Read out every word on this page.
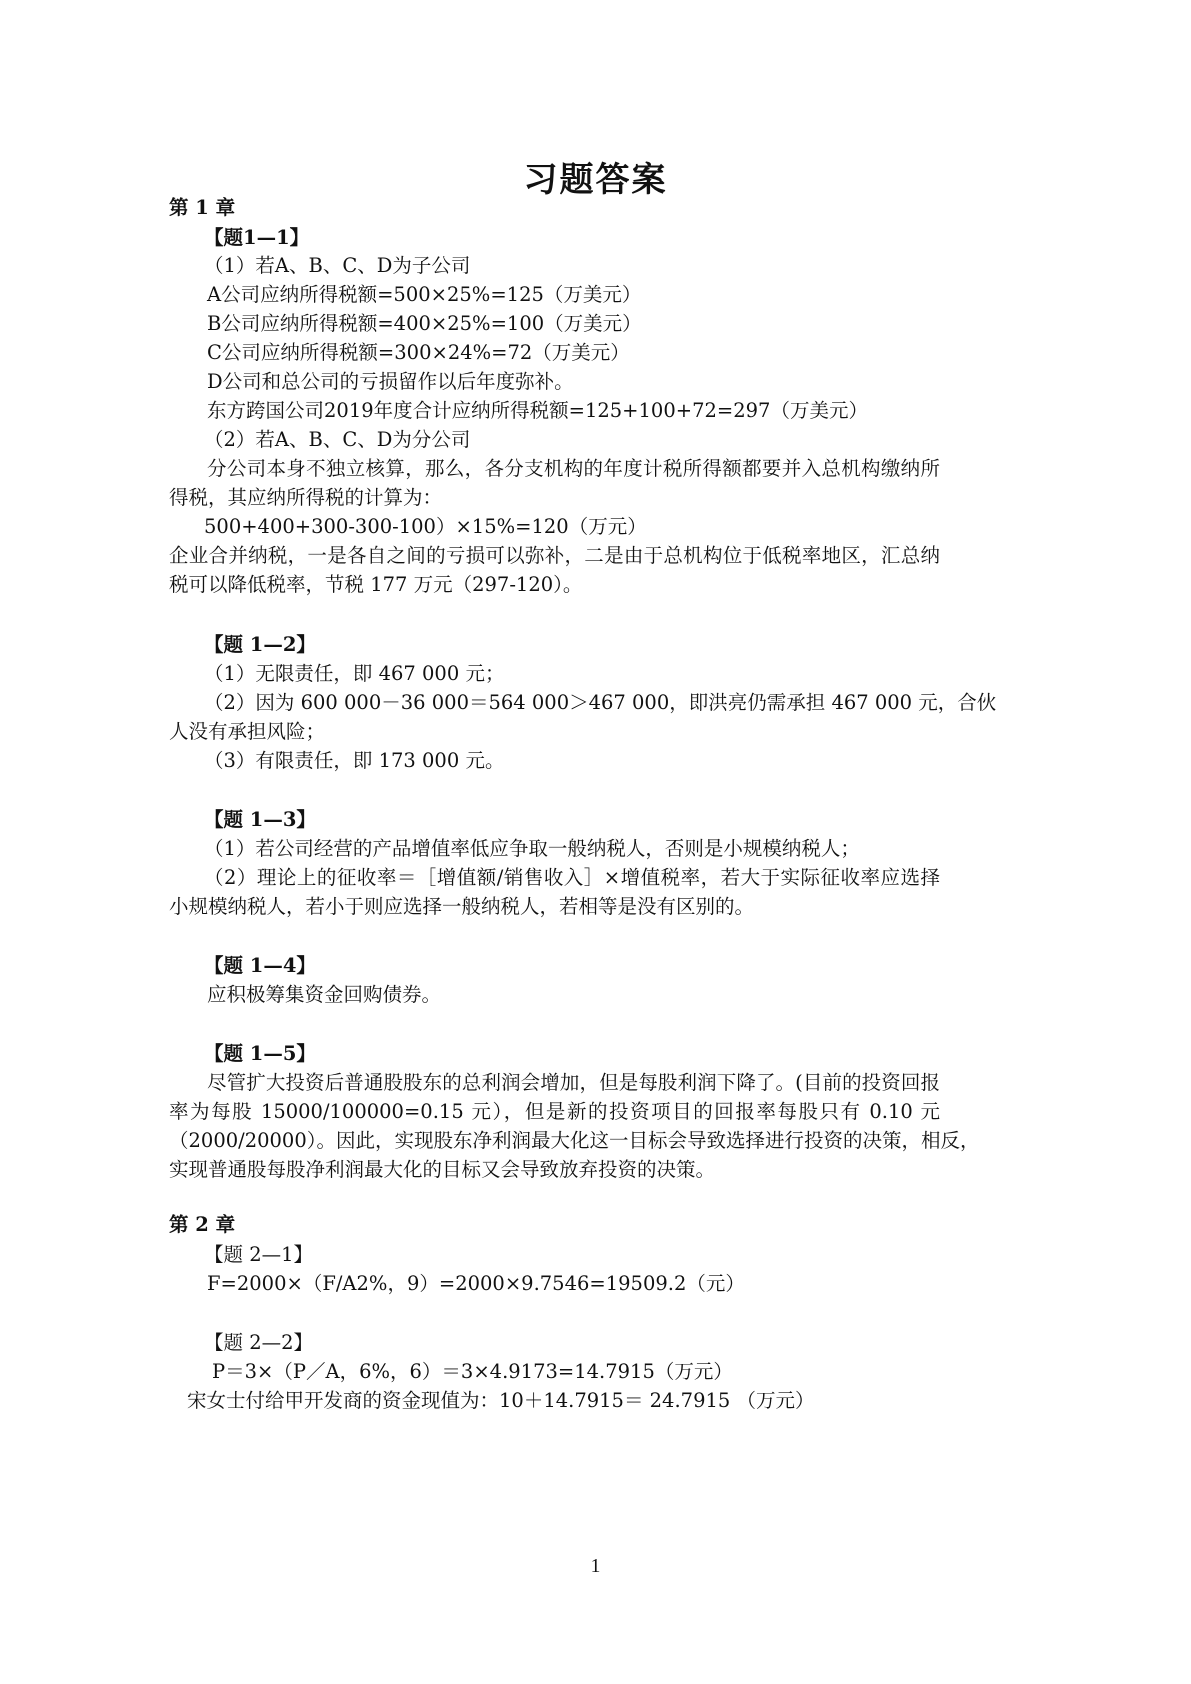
习题答案
第 1 章
【题1—1】
（1）若A、B、C、D为子公司
A公司应纳所得税额=500×25%=125（万美元）
B公司应纳所得税额=400×25%=100（万美元）
C公司应纳所得税额=300×24%=72（万美元）
D公司和总公司的亏损留作以后年度弥补。
东方跨国公司2019年度合计应纳所得税额=125+100+72=297（万美元）
（2）若A、B、C、D为分公司
分公司本身不独立核算，那么，各分支机构的年度计税所得额都要并入总机构缴纳所
得税，其应纳所得税的计算为：
500+400+300-300-100）×15%=120（万元）
企业合并纳税，一是各自之间的亏损可以弥补，二是由于总机构位于低税率地区，汇总纳
税可以降低税率，节税 177 万元（297-120）。
【题 1—2】
（1）无限责任，即 467 000 元；
（2）因为 600 000－36 000＝564 000＞467 000，即洪亮仍需承担 467 000 元，合伙
人没有承担风险；
（3）有限责任，即 173 000 元。
【题 1—3】
（1）若公司经营的产品增值率低应争取一般纳税人，否则是小规模纳税人；
（2）理论上的征收率＝［增值额/销售收入］×增值税率，若大于实际征收率应选择
小规模纳税人，若小于则应选择一般纳税人，若相等是没有区别的。
【题 1—4】
应积极筹集资金回购债券。
【题 1—5】
尽管扩大投资后普通股股东的总利润会增加，但是每股利润下降了。(目前的投资回报
率为每股 15000/100000=0.15 元），但是新的投资项目的回报率每股只有 0.10 元
（2000/20000）。因此，实现股东净利润最大化这一目标会导致选择进行投资的决策，相反，
实现普通股每股净利润最大化的目标又会导致放弃投资的决策。
第 2 章
【题 2—1】
F=2000×（F/A2%，9）=2000×9.7546=19509.2（元）
【题 2—2】
P＝3×（P／A，6%，6）＝3×4.9173=14.7915（万元）
宋女士付给甲开发商的资金现值为：10＋14.7915＝ 24.7915 （万元）
1
